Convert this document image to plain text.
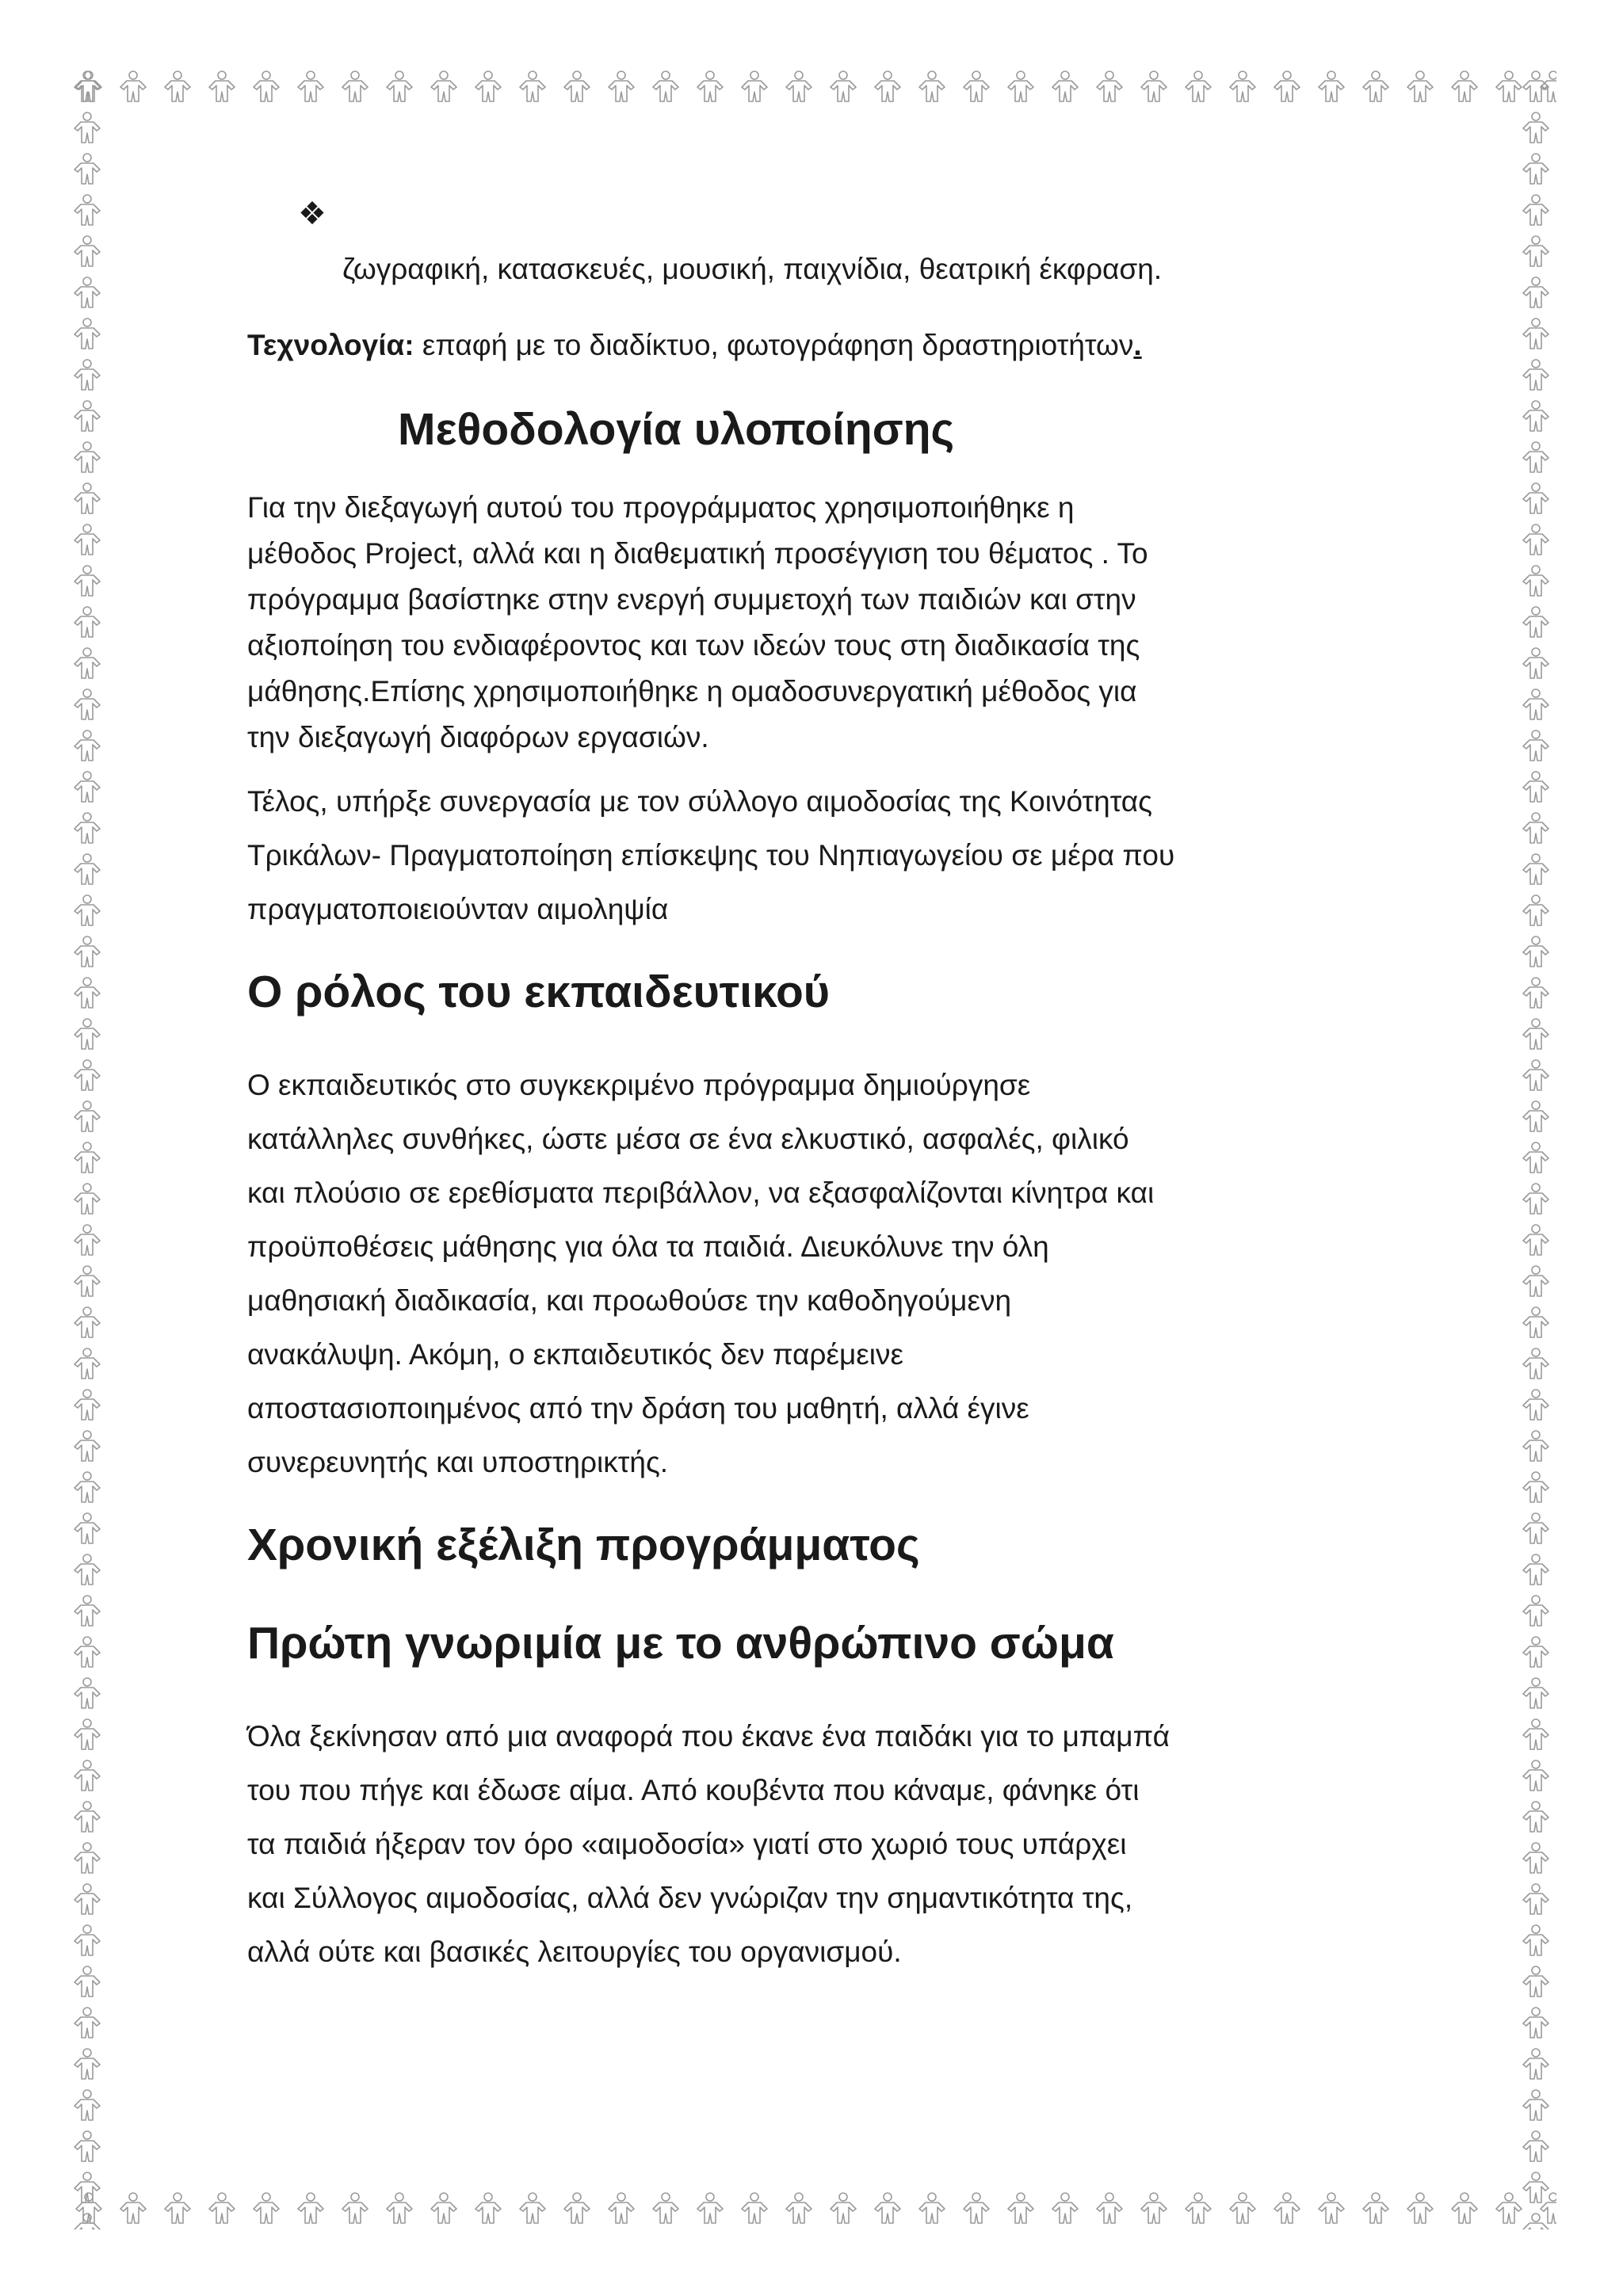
❖
ζωγραφική, κατασκευές, μουσική, παιχνίδια, θεατρική έκφραση.

Τεχνολογία: επαφή με το διαδίκτυο, φωτογράφηση δραστηριοτήτων.

Μεθοδολογία υλοποίησης

Για την διεξαγωγή αυτού του προγράμματος χρησιμοποιήθηκε η

μέθοδος Project, αλλά και η διαθεματική προσέγγιση του θέματος . Το

πρόγραμμα βασίστηκε στην ενεργή συμμετοχή των παιδιών και στην

αξιοποίηση του ενδιαφέροντος και των ιδεών τους στη διαδικασία της

μάθησης.Επίσης χρησιμοποιήθηκε η ομαδοσυνεργατική μέθοδος για

την διεξαγωγή διαφόρων εργασιών.

Τέλος, υπήρξε συνεργασία με τον σύλλογο αιμοδοσίας της Κοινότητας

Τρικάλων- Πραγματοποίηση επίσκεψης του Νηπιαγωγείου σε μέρα που

πραγματοποιειούνταν αιμοληψία

Ο ρόλος του εκπαιδευτικού

Ο εκπαιδευτικός στο συγκεκριμένο πρόγραμμα δημιούργησε

κατάλληλες συνθήκες, ώστε μέσα σε ένα ελκυστικό, ασφαλές, φιλικό

και πλούσιο σε ερεθίσματα περιβάλλον, να εξασφαλίζονται κίνητρα και

προϋποθέσεις μάθησης για όλα τα παιδιά. Διευκόλυνε την όλη

μαθησιακή διαδικασία, και προωθούσε την καθοδηγούμενη

ανακάλυψη. Ακόμη, ο εκπαιδευτικός δεν παρέμεινε

αποστασιοποιημένος από την δράση του μαθητή, αλλά έγινε

συνερευνητής και υποστηρικτής.

Χρονική εξέλιξη προγράμματος
Πρώτη γνωριμία με το ανθρώπινο σώμα

Όλα ξεκίνησαν από μια αναφορά που έκανε ένα παιδάκι για το μπαμπά

του που πήγε και έδωσε αίμα. Από κουβέντα που κάναμε, φάνηκε ότι

τα παιδιά ήξεραν τον όρο «αιμοδοσία» γιατί στο χωριό τους υπάρχει

και Σύλλογος αιμοδοσίας, αλλά δεν γνώριζαν την σημαντικότητα της,

αλλά ούτε και βασικές λειτουργίες του οργανισμού.
